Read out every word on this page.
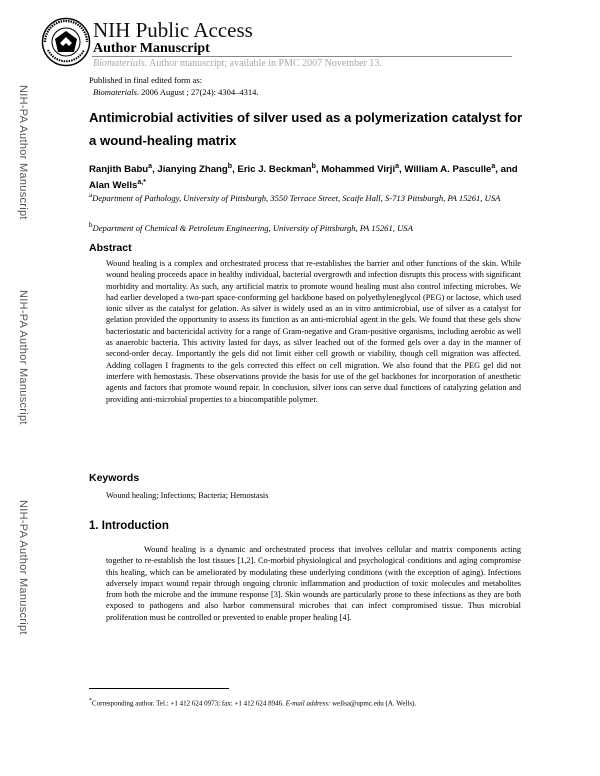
NIH Public Access
Author Manuscript
Biomaterials. Author manuscript; available in PMC 2007 November 13.
Published in final edited form as:
Biomaterials. 2006 August ; 27(24): 4304–4314.
NIH-PA Author Manuscript
NIH-PA Author Manuscript
NIH-PA Author Manuscript
Antimicrobial activities of silver used as a polymerization catalyst for a wound-healing matrix
Ranjith Babu$^a$, Jianying Zhang$^b$, Eric J. Beckman$^b$, Mohammed Virji$^a$, William A. Pasculle$^a$, and Alan Wells$^{a,*}$
$^a$Department of Pathology, University of Pittsburgh, 3550 Terrace Street, Scaife Hall, S-713 Pittsburgh, PA 15261, USA
$^b$Department of Chemical & Petroleum Engineering, University of Pittsburgh, PA 15261, USA
Abstract
Wound healing is a complex and orchestrated process that re-establishes the barrier and other functions of the skin. While wound healing proceeds apace in healthy individual, bacterial overgrowth and infection disrupts this process with significant morbidity and mortality. As such, any artificial matrix to promote wound healing must also control infecting microbes. We had earlier developed a two-part space-conforming gel backbone based on polyethyleneglycol (PEG) or lactose, which used ionic silver as the catalyst for gelation. As silver is widely used as an in vitro antimicrobial, use of silver as a catalyst for gelation provided the opportunity to assess its function as an anti-microbial agent in the gels. We found that these gels show bacteriostatic and bactericidal activity for a range of Gram-negative and Gram-positive organisms, including aerobic as well as anaerobic bacteria. This activity lasted for days, as silver leached out of the formed gels over a day in the manner of second-order decay. Importantly the gels did not limit either cell growth or viability, though cell migration was affected. Adding collagen I fragments to the gels corrected this effect on cell migration. We also found that the PEG gel did not interfere with hemostasis. These observations provide the basis for use of the gel backbones for incorporation of anesthetic agents and factors that promote wound repair. In conclusion, silver ions can serve dual functions of catalyzing gelation and providing anti-microbial properties to a biocompatible polymer.
Keywords
Wound healing; Infections; Bacteria; Hemostasis
1. Introduction
Wound healing is a dynamic and orchestrated process that involves cellular and matrix components acting together to re-establish the lost tissues [1,2]. Co-morbid physiological and psychological conditions and aging compromise this healing, which can be ameliorated by modulating these underlying conditions (with the exception of aging). Infections adversely impact wound repair through ongoing chronic inflammation and production of toxic molecules and metabolites from both the microbe and the immune response [3]. Skin wounds are particularly prone to these infections as they are both exposed to pathogens and also harbor commensural microbes that can infect compromised tissue. Thus microbial proliferation must be controlled or prevented to enable proper healing [4].
*Corresponding author. Tel.: +1 412 624 0973; fax: +1 412 624 8946. E-mail address: wellsa@upmc.edu (A. Wells).
